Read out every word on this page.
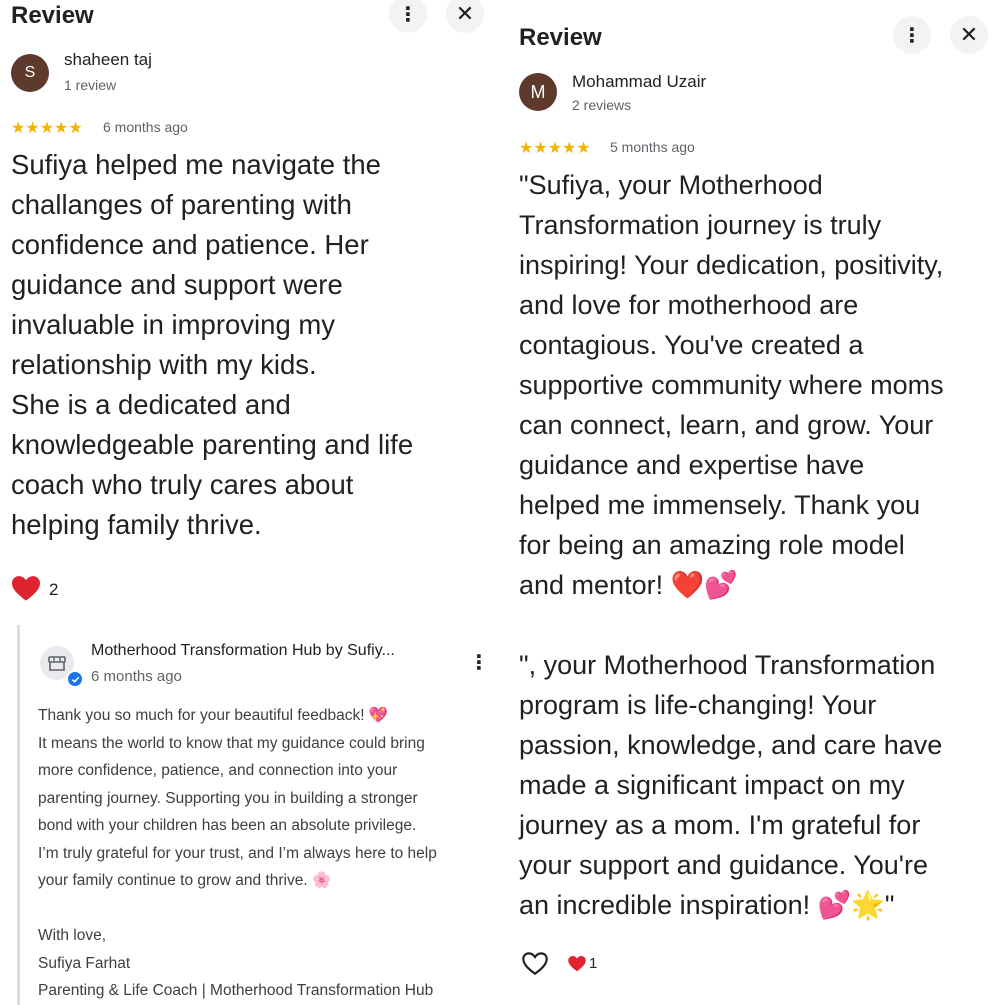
Review	⋮ ✕
S
shaheen taj
1 review
★★★★★ 6 months ago
Sufiya helped me navigate the
challanges of parenting with
confidence and patience. Her
guidance and support were
invaluable in improving my
relationship with my kids.
She is a dedicated and
knowledgeable parenting and life
coach who truly cares about
helping family thrive.
2
Motherhood Transformation Hub by Sufiy...
6 months ago
⋮
Thank you so much for your beautiful feedback! 💖
It means the world to know that my guidance could bring
more confidence, patience, and connection into your
parenting journey. Supporting you in building a stronger
bond with your children has been an absolute privilege.
I’m truly grateful for your trust, and I’m always here to help
your family continue to grow and thrive. 🌸

With love,
Sufiya Farhat
Parenting & Life Coach | Motherhood Transformation Hub
Review	⋮ ✕
M	Mohammad Uzair
2 reviews
★★★★★ 5 months ago
"Sufiya, your Motherhood
Transformation journey is truly
inspiring! Your dedication, positivity,
and love for motherhood are
contagious. You've created a
supportive community where moms
can connect, learn, and grow. Your
guidance and expertise have
helped me immensely. Thank you
for being an amazing role model
and mentor! ❤️💕

", your Motherhood Transformation
program is life-changing! Your
passion, knowledge, and care have
made a significant impact on my
journey as a mom. I'm grateful for
your support and guidance. You're
an incredible inspiration! 💕🌟"
1
